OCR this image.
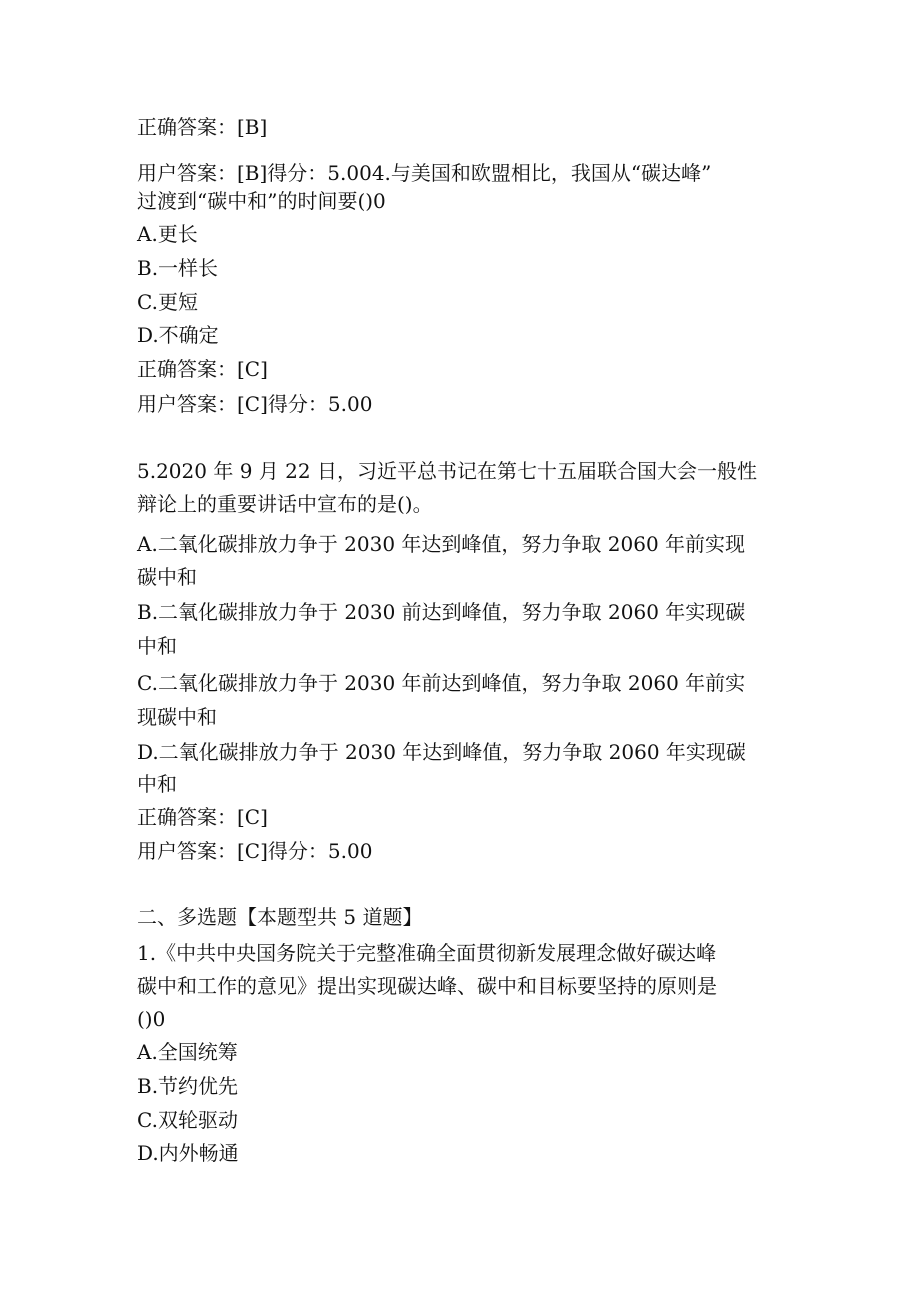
正确答案：[B]
用户答案：[B]得分：5.004.与美国和欧盟相比，我国从“碳达峰”
过渡到“碳中和”的时间要()0
A.更长
B.一样长
C.更短
D.不确定
正确答案：[C]
用户答案：[C]得分：5.00
5.2020 年 9 月 22 日，习近平总书记在第七十五届联合国大会一般性
辩论上的重要讲话中宣布的是()。
A.二氧化碳排放力争于 2030 年达到峰值，努力争取 2060 年前实现
碳中和
B.二氧化碳排放力争于 2030 前达到峰值，努力争取 2060 年实现碳
中和
C.二氧化碳排放力争于 2030 年前达到峰值，努力争取 2060 年前实
现碳中和
D.二氧化碳排放力争于 2030 年达到峰值，努力争取 2060 年实现碳
中和
正确答案：[C]
用户答案：[C]得分：5.00
二、多选题【本题型共 5 道题】
1.《中共中央国务院关于完整准确全面贯彻新发展理念做好碳达峰
碳中和工作的意见》提出实现碳达峰、碳中和目标要坚持的原则是
()0
A.全国统筹
B.节约优先
C.双轮驱动
D.内外畅通
